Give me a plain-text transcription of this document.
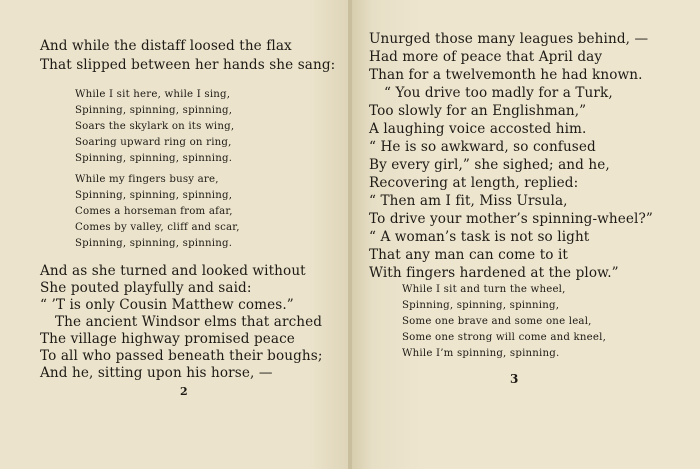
And while the distaff loosed the flax
That slipped between her hands she sang:
While I sit here, while I sing,
Spinning, spinning, spinning,
Soars the skylark on its wing,
Soaring upward ring on ring,
Spinning, spinning, spinning.
While my fingers busy are,
Spinning, spinning, spinning,
Comes a horseman from afar,
Comes by valley, cliff and scar,
Spinning, spinning, spinning.
And as she turned and looked without
She pouted playfully and said:
“ ’T is only Cousin Matthew comes.”
The ancient Windsor elms that arched
The village highway promised peace
To all who passed beneath their boughs;
And he, sitting upon his horse, —
2
Unurged those many leagues behind, —
Had more of peace that April day
Than for a twelvemonth he had known.
“ You drive too madly for a Turk,
Too slowly for an Englishman,”
A laughing voice accosted him.
“ He is so awkward, so confused
By every girl,” she sighed; and he,
Recovering at length, replied:
“ Then am I fit, Miss Ursula,
To drive your mother’s spinning-wheel?”
“ A woman’s task is not so light
That any man can come to it
With fingers hardened at the plow.”
While I sit and turn the wheel,
Spinning, spinning, spinning,
Some one brave and some one leal,
Some one strong will come and kneel,
While I’m spinning, spinning.
3
